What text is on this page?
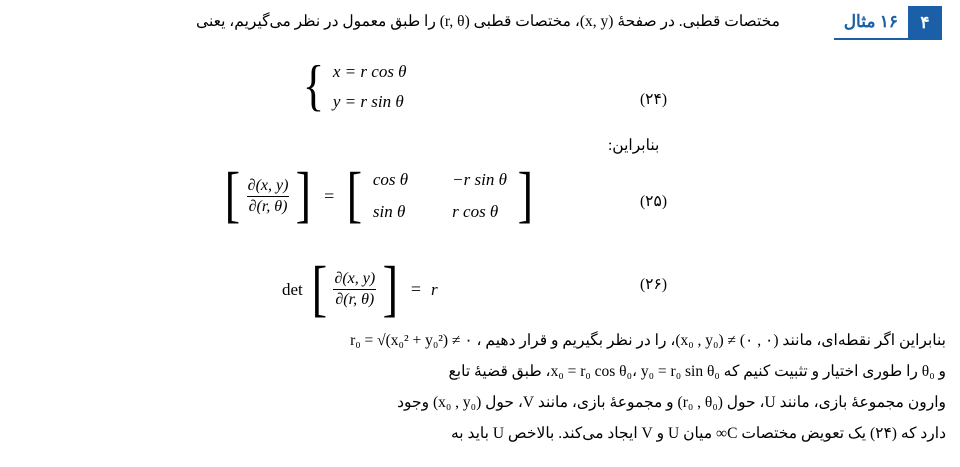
۱۶ مثال	۴
مختصات قطبی. در صفحهٔ (x, y)، مختصات قطبی (r, θ) را طبق معمول در نظر می‌گیریم، یعنی
{ x = r cos θ
y = r sin θ	(۲۴)
بنابراین:
[ $\frac{\partial(x, y)}{\partial(r, \theta)}$ ] = [ cos θ	−r sin θ
sin θ	r cos θ ]	(۲۵)
det [ $\frac{\partial(x, y)}{\partial(r, \theta)}$ ] = r	(۲۶)
بنابراین اگر نقطه‌ای، مانند (۰ , ۰) ≠ (x₀ , y₀)، را در نظر بگیریم و قرار دهیم ، ۰ ≠ r₀ = √(x₀² + y₀²)
و θ₀ را طوری اختیار و تثبیت کنیم که x₀ = r₀ cos θ₀، y₀ = r₀ sin θ₀، طبق قضیهٔ تابع
وارون مجموعهٔ بازی، مانند U، حول (r₀ , θ₀) و مجموعهٔ بازی، مانند V، حول (x₀ , y₀) وجود
دارد که (۲۴) یک تعویض مختصات C∞ میان U و V ایجاد می‌کند. بالاخص U باید به
